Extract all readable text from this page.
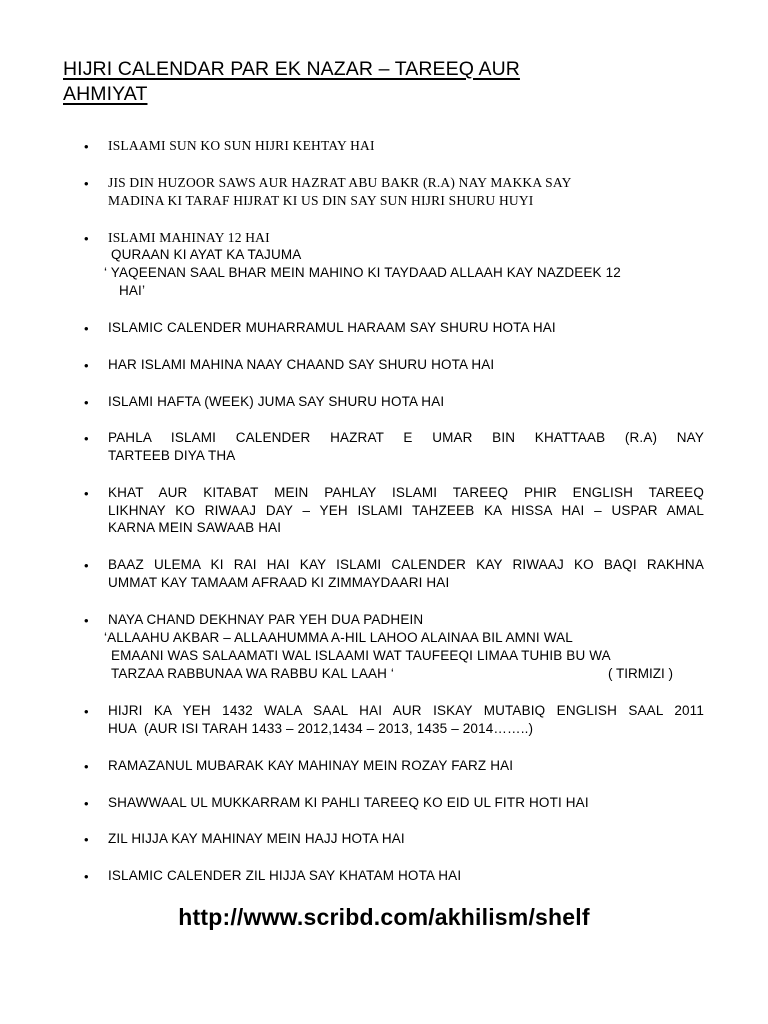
HIJRI CALENDAR PAR EK NAZAR – TAREEQ AUR
AHMIYAT
• ISLAAMI SUN KO SUN HIJRI KEHTAY HAI
• JIS DIN HUZOOR SAWS AUR HAZRAT ABU BAKR (R.A) NAY MAKKA SAY
MADINA KI TARAF HIJRAT KI US DIN SAY SUN HIJRI SHURU HUYI
• ISLAMI MAHINAY 12 HAI
QURAAN KI AYAT KA TAJUMA
‘ YAQEENAN SAAL BHAR MEIN MAHINO KI TAYDAAD ALLAAH KAY NAZDEEK 12
HAI’
• ISLAMIC CALENDER MUHARRAMUL HARAAM SAY SHURU HOTA HAI
• HAR ISLAMI MAHINA NAAY CHAAND SAY SHURU HOTA HAI
• ISLAMI HAFTA (WEEK) JUMA SAY SHURU HOTA HAI
• PAHLA ISLAMI CALENDER HAZRAT E UMAR BIN KHATTAAB (R.A) NAY
TARTEEB DIYA THA
• KHAT AUR KITABAT MEIN PAHLAY ISLAMI TAREEQ PHIR ENGLISH TAREEQ
LIKHNAY KO RIWAAJ DAY – YEH ISLAMI TAHZEEB KA HISSA HAI – USPAR AMAL
KARNA MEIN SAWAAB HAI
• BAAZ ULEMA KI RAI HAI KAY ISLAMI CALENDER KAY RIWAAJ KO BAQI RAKHNA
UMMAT KAY TAMAAM AFRAAD KI ZIMMAYDAARI HAI
• NAYA CHAND DEKHNAY PAR YEH DUA PADHEIN
‘ALLAAHU AKBAR – ALLAAHUMMA A-HIL LAHOO ALAINAA BIL AMNI WAL
EMAANI WAS SALAAMATI WAL ISLAAMI WAT TAUFEEQI LIMAA TUHIB BU WA
TARZAA RABBUNAA WA RABBU KAL LAAH ‘	( TIRMIZI )
• HIJRI KA YEH 1432 WALA SAAL HAI AUR ISKAY MUTABIQ ENGLISH SAAL 2011
HUA  (AUR ISI TARAH 1433 – 2012,1434 – 2013, 1435 – 2014……..)
• RAMAZANUL MUBARAK KAY MAHINAY MEIN ROZAY FARZ HAI
• SHAWWAAL UL MUKKARRAM KI PAHLI TAREEQ KO EID UL FITR HOTI HAI
• ZIL HIJJA KAY MAHINAY MEIN HAJJ HOTA HAI
• ISLAMIC CALENDER ZIL HIJJA SAY KHATAM HOTA HAI
http://www.scribd.com/akhilism/shelf
